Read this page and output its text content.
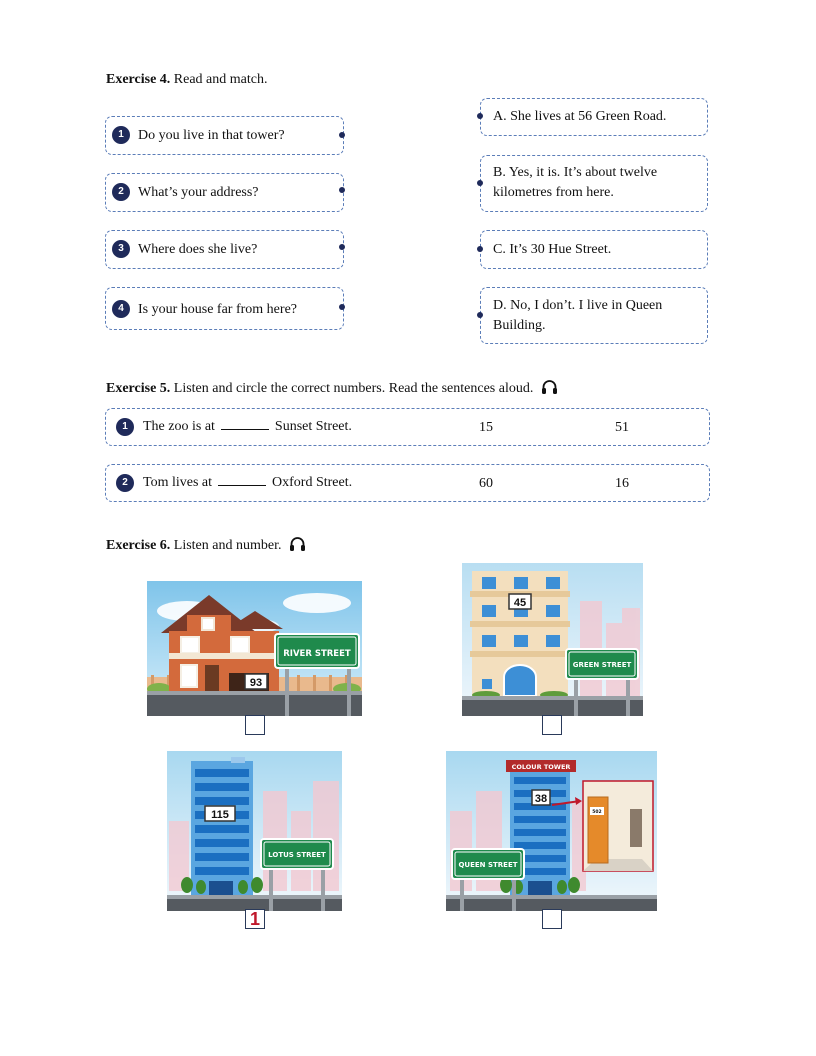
Exercise 4. Read and match.
1	Do you live in that tower?
2	What’s your address?
3	Where does she live?
4	Is your house far from here?
A. She lives at 56 Green Road.
B. Yes, it is. It’s about twelve kilometres from here.
C. It’s 30 Hue Street.
D. No, I don’t. I live in Queen Building.
Exercise 5. Listen and circle the correct numbers. Read the sentences aloud.
1	The zoo is at	Sunset Street.	15	51
2	Tom lives at	Oxford Street.	60	16
Exercise 6. Listen and number.
93
RIVER STREET
45
GREEN STREET
115
LOTUS STREET
1
COLOUR TOWER
38
502
QUEEN STREET
